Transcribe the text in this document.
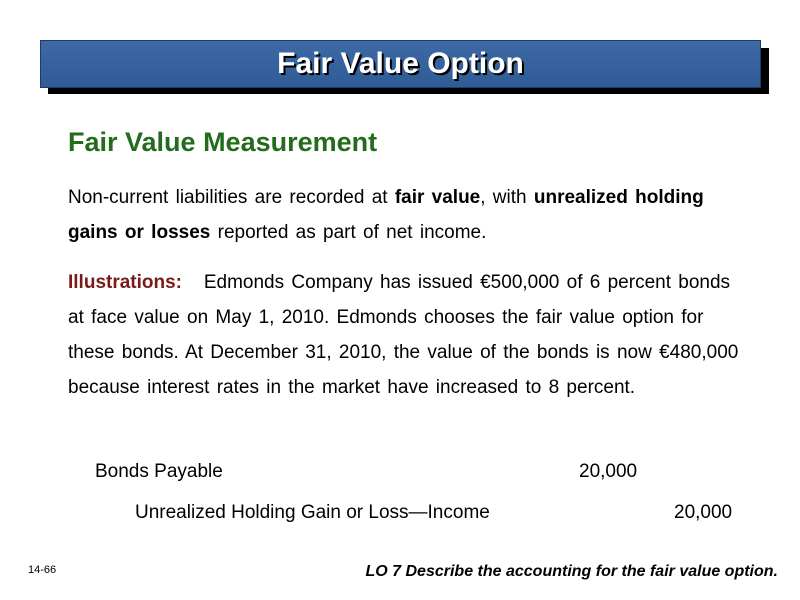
Fair Value Option
Fair Value Measurement

Non-current liabilities are recorded at fair value, with unrealized holding gains or losses reported as part of net income.

Illustrations: Edmonds Company has issued €500,000 of 6 percent bonds at face value on May 1, 2010. Edmonds chooses the fair value option for these bonds. At December 31, 2010, the value of the bonds is now €480,000 because interest rates in the market have increased to 8 percent.

Bonds Payable	20,000

Unrealized Holding Gain or Loss—Income	20,000

14-66	LO 7 Describe the accounting for the fair value option.
